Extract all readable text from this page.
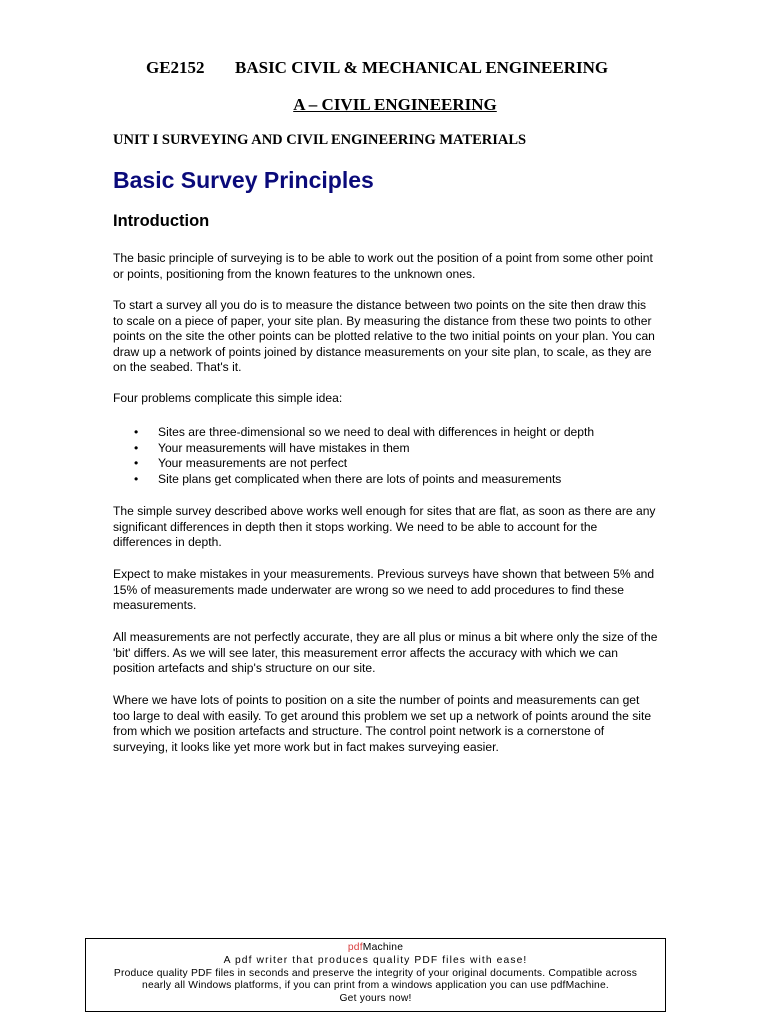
GE2152 BASIC CIVIL & MECHANICAL ENGINEERING
A – CIVIL ENGINEERING
UNIT I SURVEYING AND CIVIL ENGINEERING MATERIALS
Basic Survey Principles
Introduction

The basic principle of surveying is to be able to work out the position of a point from some other point or points, positioning from the known features to the unknown ones.

To start a survey all you do is to measure the distance between two points on the site then draw this to scale on a piece of paper, your site plan. By measuring the distance from these two points to other points on the site the other points can be plotted relative to the two initial points on your plan. You can draw up a network of points joined by distance measurements on your site plan, to scale, as they are on the seabed. That's it.

Four problems complicate this simple idea:

• Sites are three-dimensional so we need to deal with differences in height or depth
• Your measurements will have mistakes in them
• Your measurements are not perfect
• Site plans get complicated when there are lots of points and measurements

The simple survey described above works well enough for sites that are flat, as soon as there are any significant differences in depth then it stops working. We need to be able to account for the differences in depth.

Expect to make mistakes in your measurements. Previous surveys have shown that between 5% and 15% of measurements made underwater are wrong so we need to add procedures to find these measurements.

All measurements are not perfectly accurate, they are all plus or minus a bit where only the size of the 'bit' differs. As we will see later, this measurement error affects the accuracy with which we can position artefacts and ship's structure on our site.

Where we have lots of points to position on a site the number of points and measurements can get too large to deal with easily. To get around this problem we set up a network of points around the site from which we position artefacts and structure. The control point network is a cornerstone of surveying, it looks like yet more work but in fact makes surveying easier.

pdfMachine
A pdf writer that produces quality PDF files with ease!
Produce quality PDF files in seconds and preserve the integrity of your original documents. Compatible across
nearly all Windows platforms, if you can print from a windows application you can use pdfMachine.
Get yours now!
